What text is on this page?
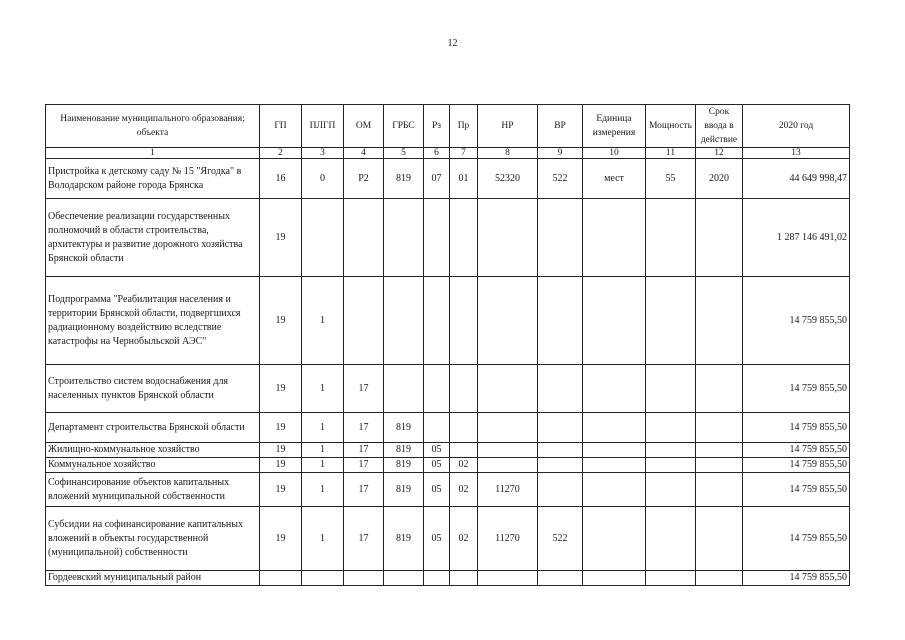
12
Наименование муниципального образования; объекта	ГП	ПЛГП	ОМ	ГРБС	Рз	Пр	НР	ВР	Единица измерения	Мощность	Срок ввода в действие	2020 год
1	2	3	4	5	6	7	8	9	10	11	12	13
Пристройка к детскому саду № 15 "Ягодка" в Володарском районе города Брянска	16	0	Р2	819	07	01	52320	522	мест	55	2020	44 649 998,47
Обеспечение реализации государственных полномочий в области строительства, архитектуры и развитие дорожного хозяйства Брянской области	19											1 287 146 491,02
Подпрограмма "Реабилитация населения и территории Брянской области, подвергшихся радиационному воздействию вследствие катастрофы на Чернобыльской АЭС"	19	1										14 759 855,50
Строительство систем водоснабжения для населенных пунктов Брянской области	19	1	17									14 759 855,50
Департамент строительства Брянской области	19	1	17	819								14 759 855,50
Жилищно-коммунальное хозяйство	19	1	17	819	05							14 759 855,50
Коммунальное хозяйство	19	1	17	819	05	02						14 759 855,50
Софинансирование объектов капитальных вложений муниципальной собственности	19	1	17	819	05	02	11270					14 759 855,50
Субсидии на софинансирование капитальных вложений в объекты государственной (муниципальной) собственности	19	1	17	819	05	02	11270	522				14 759 855,50
Гордеевский муниципальный район												14 759 855,50
